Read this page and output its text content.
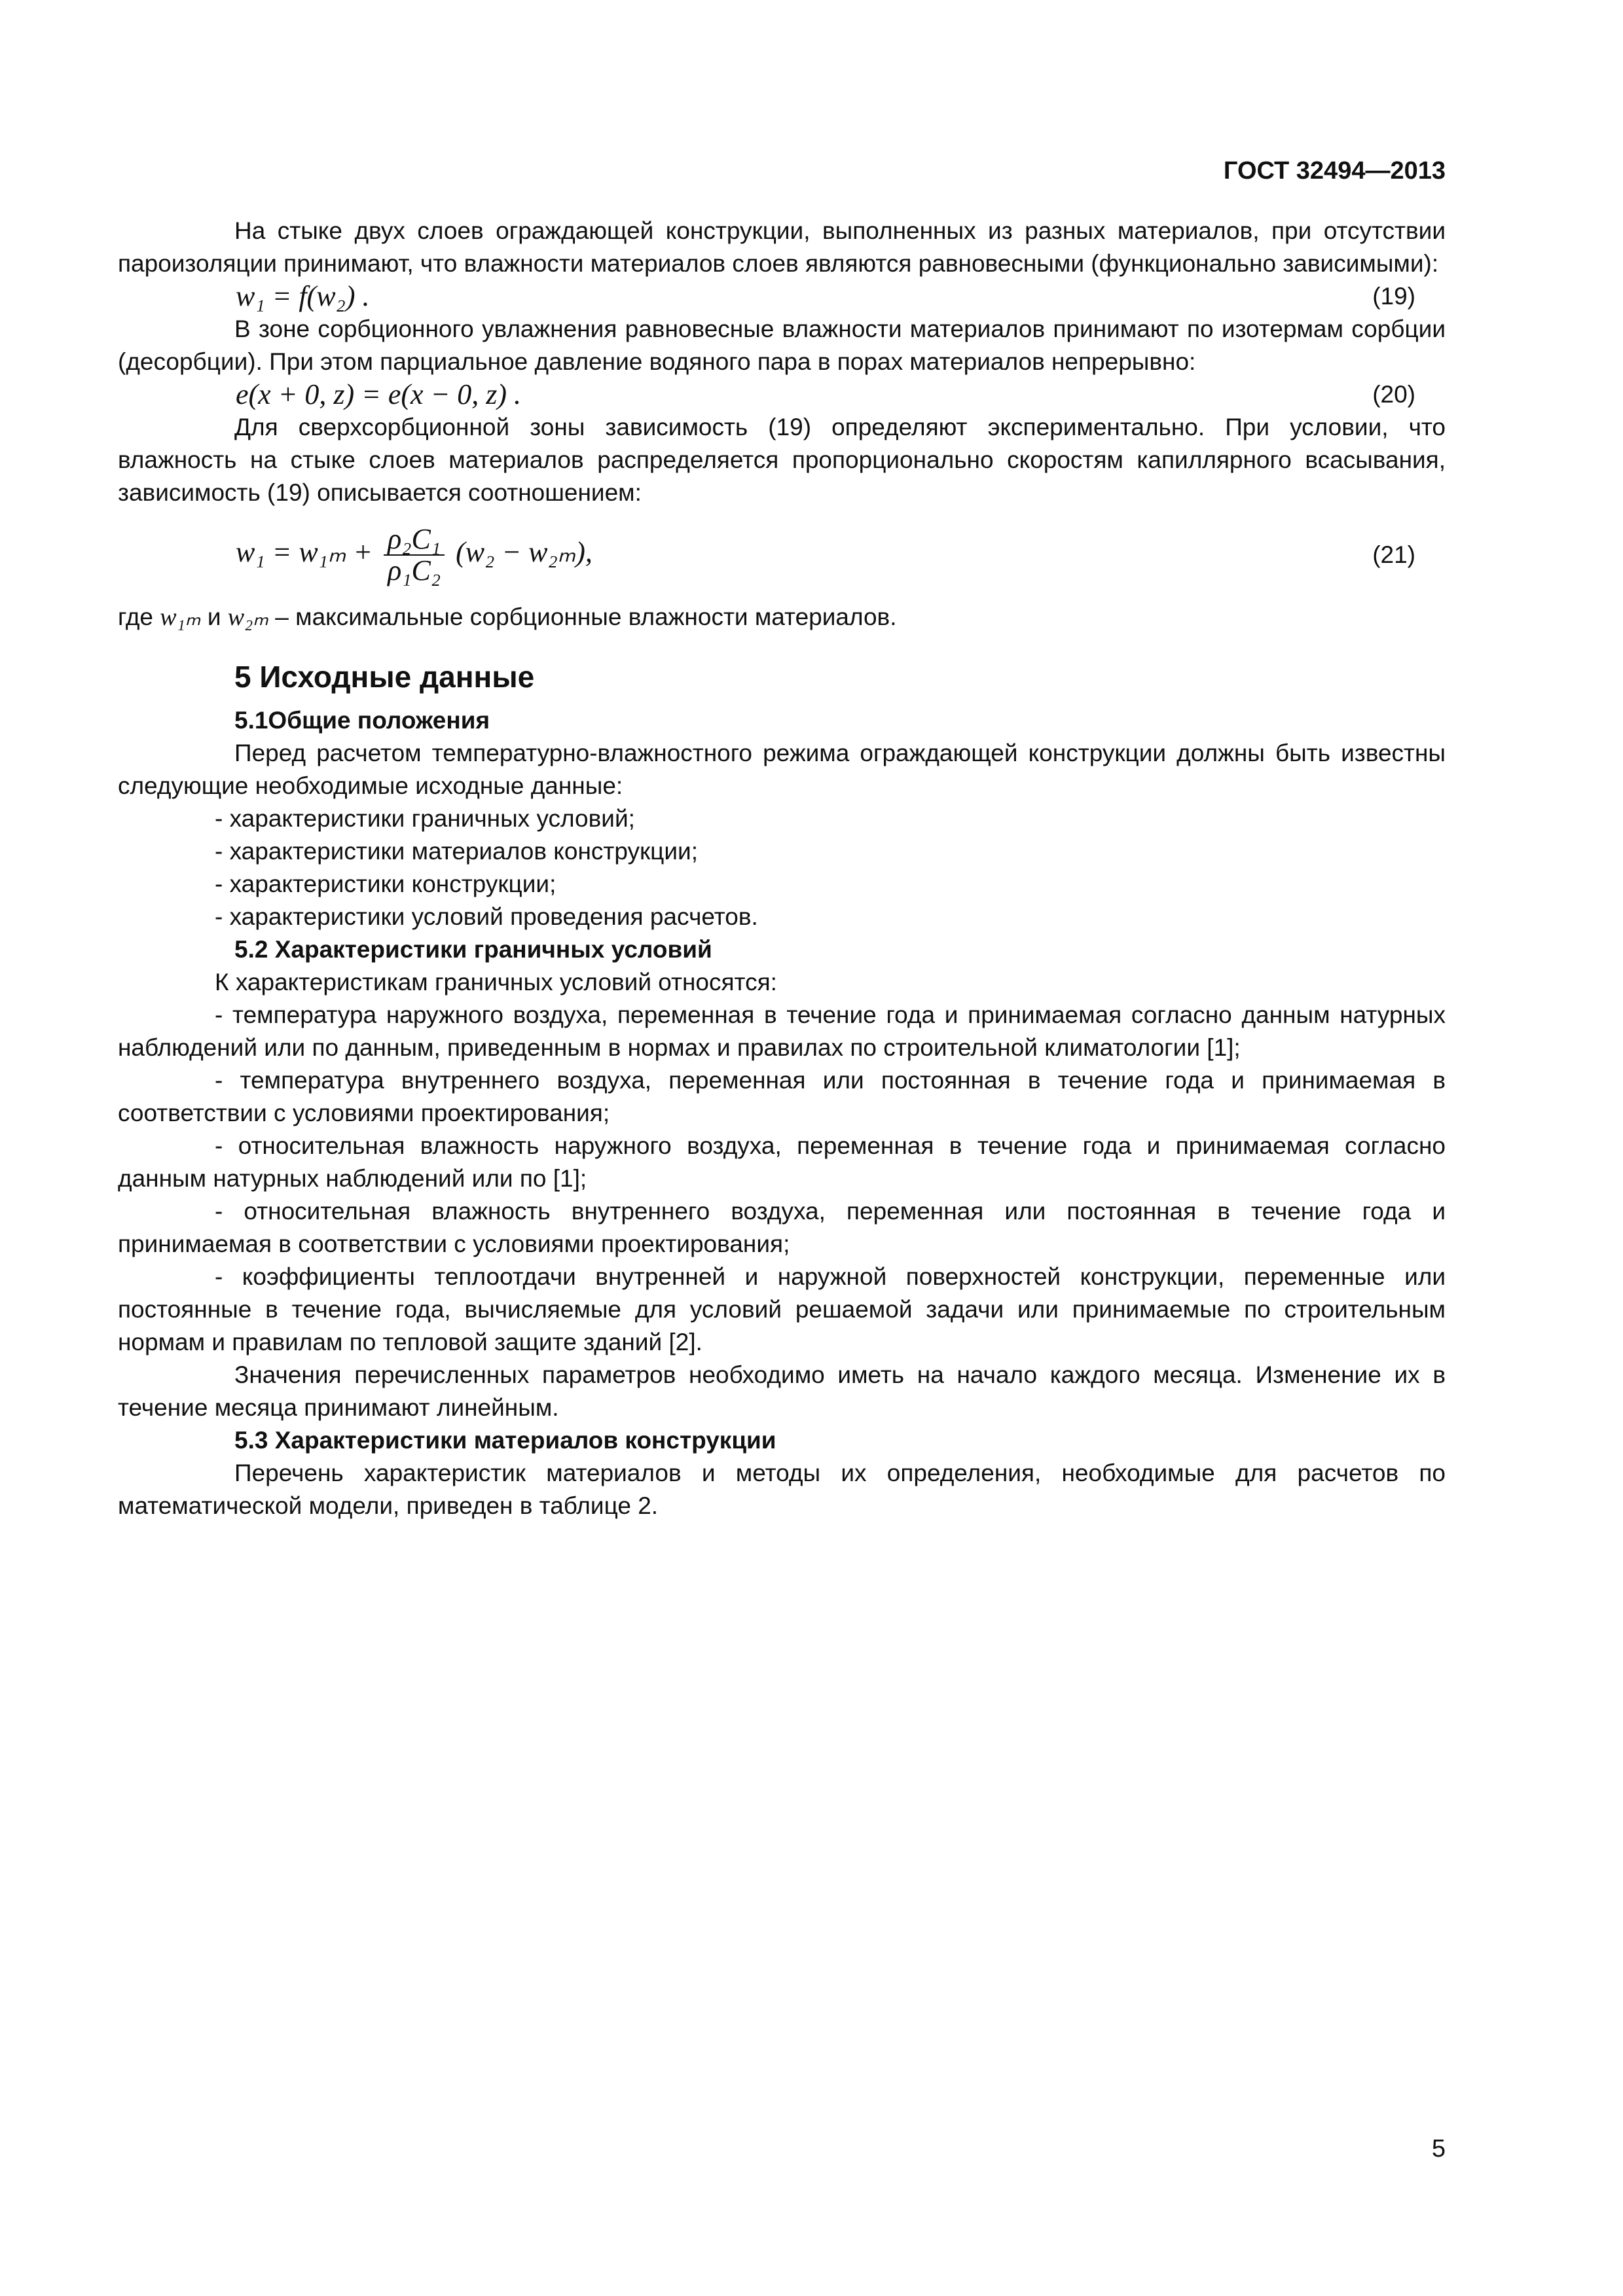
ГОСТ 32494—2013

На стыке двух слоев ограждающей конструкции, выполненных из разных материалов, при отсутствии пароизоляции принимают, что влажности материалов слоев являются равновесными (функционально зависимыми):

w₁ = f(w₂) .	(19)

В зоне сорбционного увлажнения равновесные влажности материалов принимают по изотермам сорбции (десорбции). При этом парциальное давление водяного пара в порах материалов непрерывно:

e(x + 0, z) = e(x − 0, z) .	(20)

Для сверхсорбционной зоны зависимость (19) определяют экспериментально. При условии, что влажность на стыке слоев материалов распределяется пропорционально скоростям капиллярного всасывания, зависимость (19) описывается соотношением:

$w_1 = w_{1m} + \frac{\text{ρ₂C₁}}{\text{ρ₁C₂}} (w_2 - w_{2m})$,	(21)

где w₁ₘ и w₂ₘ – максимальные сорбционные влажности материалов.

5 Исходные данные
5.1Общие положения

Перед расчетом температурно-влажностного режима ограждающей конструкции должны быть известны следующие необходимые исходные данные:

- характеристики граничных условий;

- характеристики материалов конструкции;

- характеристики конструкции;

- характеристики условий проведения расчетов.

5.2 Характеристики граничных условий

К характеристикам граничных условий относятся:

- температура наружного воздуха, переменная в течение года и принимаемая согласно данным натурных наблюдений или по данным, приведенным в нормах и правилах по строительной климатологии [1];

- температура внутреннего воздуха, переменная или постоянная в течение года и принимаемая в соответствии с условиями проектирования;

- относительная влажность наружного воздуха, переменная в течение года и принимаемая согласно данным натурных наблюдений или по [1];

- относительная влажность внутреннего воздуха, переменная или постоянная в течение года и принимаемая в соответствии с условиями проектирования;

- коэффициенты теплоотдачи внутренней и наружной поверхностей конструкции, переменные или постоянные в течение года, вычисляемые для условий решаемой задачи или принимаемые по строительным нормам и правилам по тепловой защите зданий [2].

Значения перечисленных параметров необходимо иметь на начало каждого месяца. Изменение их в течение месяца принимают линейным.

5.3 Характеристики материалов конструкции

Перечень характеристик материалов и методы их определения, необходимые для расчетов по математической модели, приведен в таблице 2.

5
